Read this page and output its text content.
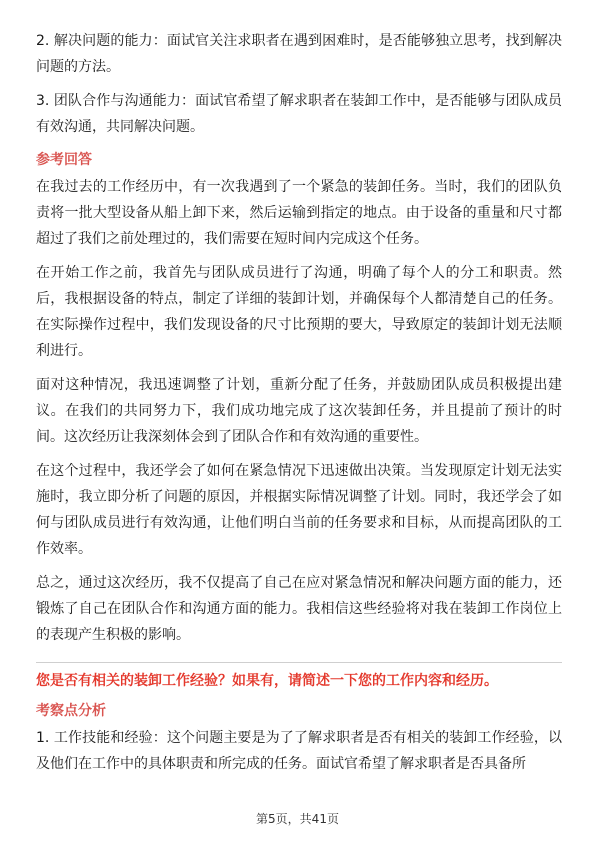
2. 解决问题的能力：面试官关注求职者在遇到困难时，是否能够独立思考，找到解决问题的方法。

3. 团队合作与沟通能力：面试官希望了解求职者在装卸工作中，是否能够与团队成员有效沟通，共同解决问题。

参考回答

在我过去的工作经历中，有一次我遇到了一个紧急的装卸任务。当时，我们的团队负责将一批大型设备从船上卸下来，然后运输到指定的地点。由于设备的重量和尺寸都超过了我们之前处理过的，我们需要在短时间内完成这个任务。

在开始工作之前，我首先与团队成员进行了沟通，明确了每个人的分工和职责。然后，我根据设备的特点，制定了详细的装卸计划，并确保每个人都清楚自己的任务。在实际操作过程中，我们发现设备的尺寸比预期的要大，导致原定的装卸计划无法顺利进行。

面对这种情况，我迅速调整了计划，重新分配了任务，并鼓励团队成员积极提出建议。在我们的共同努力下，我们成功地完成了这次装卸任务，并且提前了预计的时间。这次经历让我深刻体会到了团队合作和有效沟通的重要性。

在这个过程中，我还学会了如何在紧急情况下迅速做出决策。当发现原定计划无法实施时，我立即分析了问题的原因，并根据实际情况调整了计划。同时，我还学会了如何与团队成员进行有效沟通，让他们明白当前的任务要求和目标，从而提高团队的工作效率。

总之，通过这次经历，我不仅提高了自己在应对紧急情况和解决问题方面的能力，还锻炼了自己在团队合作和沟通方面的能力。我相信这些经验将对我在装卸工作岗位上的表现产生积极的影响。

您是否有相关的装卸工作经验？如果有，请简述一下您的工作内容和经历。
考察点分析

1. 工作技能和经验：这个问题主要是为了了解求职者是否有相关的装卸工作经验，以及他们在工作中的具体职责和所完成的任务。面试官希望了解求职者是否具备所

第5页，共41页
